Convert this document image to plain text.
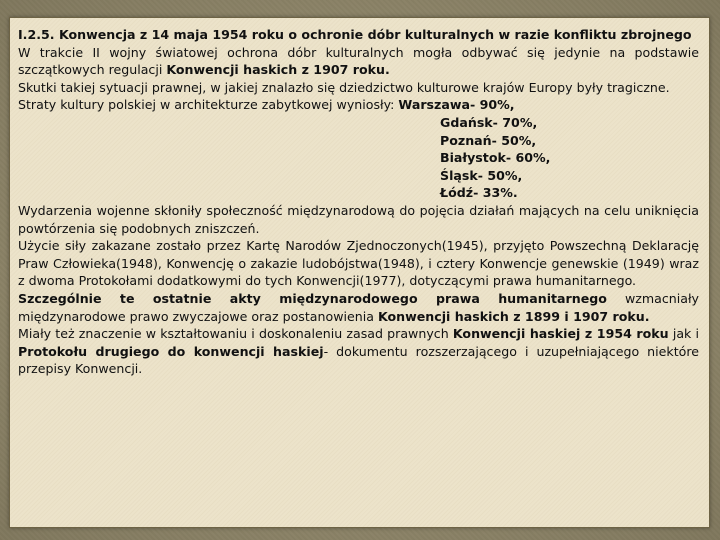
I.2.5. Konwencja z 14 maja 1954 roku o ochronie dóbr kulturalnych w razie konfliktu zbrojnego

W trakcie II wojny światowej ochrona dóbr kulturalnych mogła odbywać się jedynie na podstawie szczątkowych regulacji Konwencji haskich z 1907 roku.

Skutki takiej sytuacji prawnej, w jakiej znalazło się dziedzictwo kulturowe krajów Europy były tragiczne.

Straty kultury polskiej w architekturze zabytkowej wyniosły: Warszawa- 90%,

Gdańsk- 70%,

Poznań- 50%,

Białystok- 60%,

Śląsk- 50%,

Łódź- 33%.

Wydarzenia wojenne skłoniły społeczność międzynarodową do pojęcia działań mających na celu uniknięcia powtórzenia się podobnych zniszczeń.

Użycie siły zakazane zostało przez Kartę Narodów Zjednoczonych(1945), przyjęto Powszechną Deklarację Praw Człowieka(1948), Konwencję o zakazie ludobójstwa(1948), i cztery Konwencje genewskie (1949) wraz z dwoma Protokołami dodatkowymi do tych Konwencji(1977), dotyczącymi prawa humanitarnego.

Szczególnie te ostatnie akty międzynarodowego prawa humanitarnego wzmacniały międzynarodowe prawo zwyczajowe oraz postanowienia Konwencji haskich z 1899 i 1907 roku.

Miały też znaczenie w kształtowaniu i doskonaleniu zasad prawnych Konwencji haskiej z 1954 roku jak i Protokołu drugiego do konwencji haskiej- dokumentu rozszerzającego i uzupełniającego niektóre przepisy Konwencji.
